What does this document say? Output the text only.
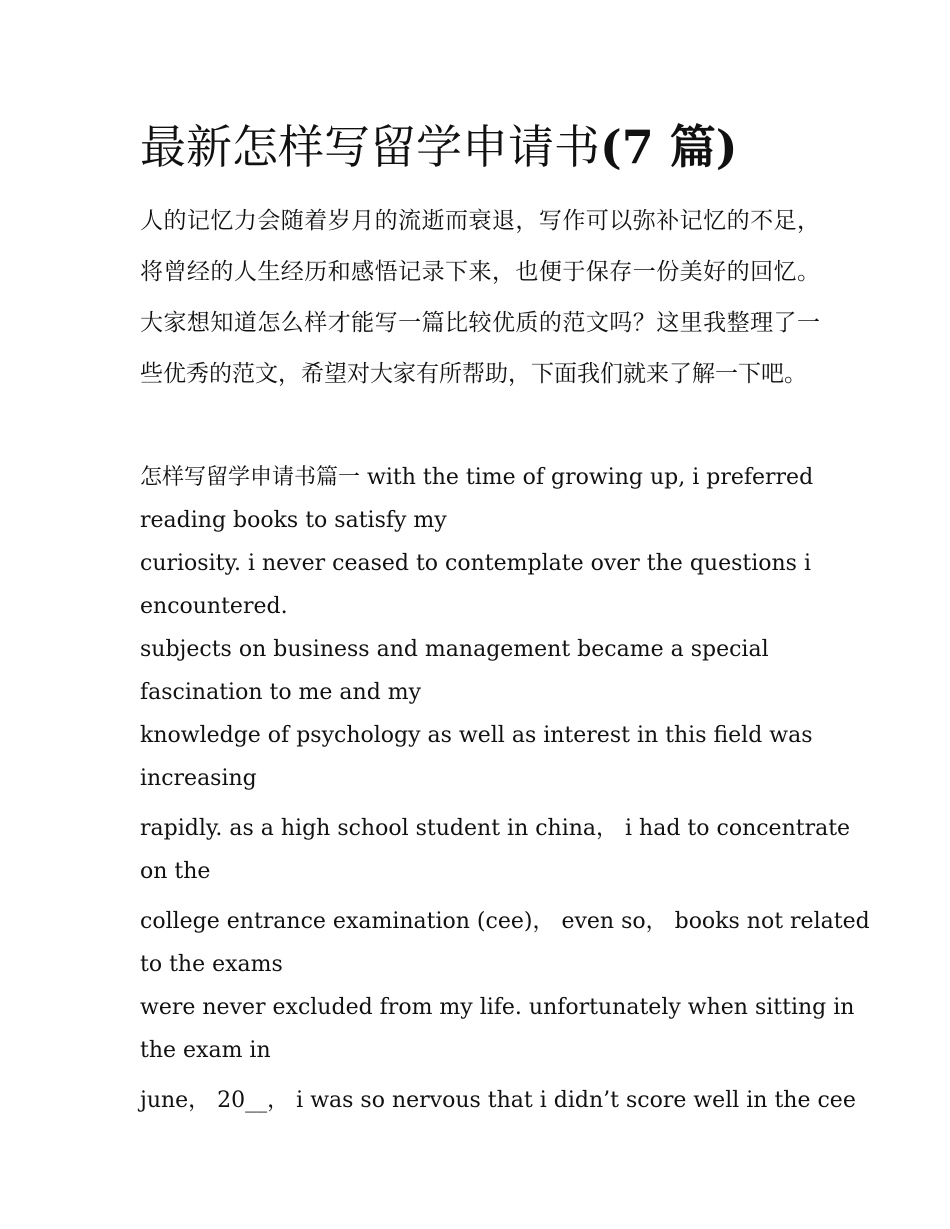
最新怎样写留学申请书(7 篇)

人的记忆力会随着岁月的流逝而衰退，写作可以弥补记忆的不足，将曾经的人生经历和感悟记录下来，也便于保存一份美好的回忆。大家想知道怎么样才能写一篇比较优质的范文吗？这里我整理了一些优秀的范文，希望对大家有所帮助，下面我们就来了解一下吧。

怎样写留学申请书篇一 with the time of growing up, i preferred

reading books to satisfy my

curiosity. i never ceased to contemplate over the questions i

encountered.

subjects on business and management became a special

fascination to me and my

knowledge of psychology as well as interest in this field was

increasing

rapidly. as a high school student in china， i had to concentrate

on the

college entrance examination (cee)， even so， books not related

to the exams

were never excluded from my life. unfortunately when sitting in

the exam in

june， 20__， i was so nervous that i didn’t score well in the cee
